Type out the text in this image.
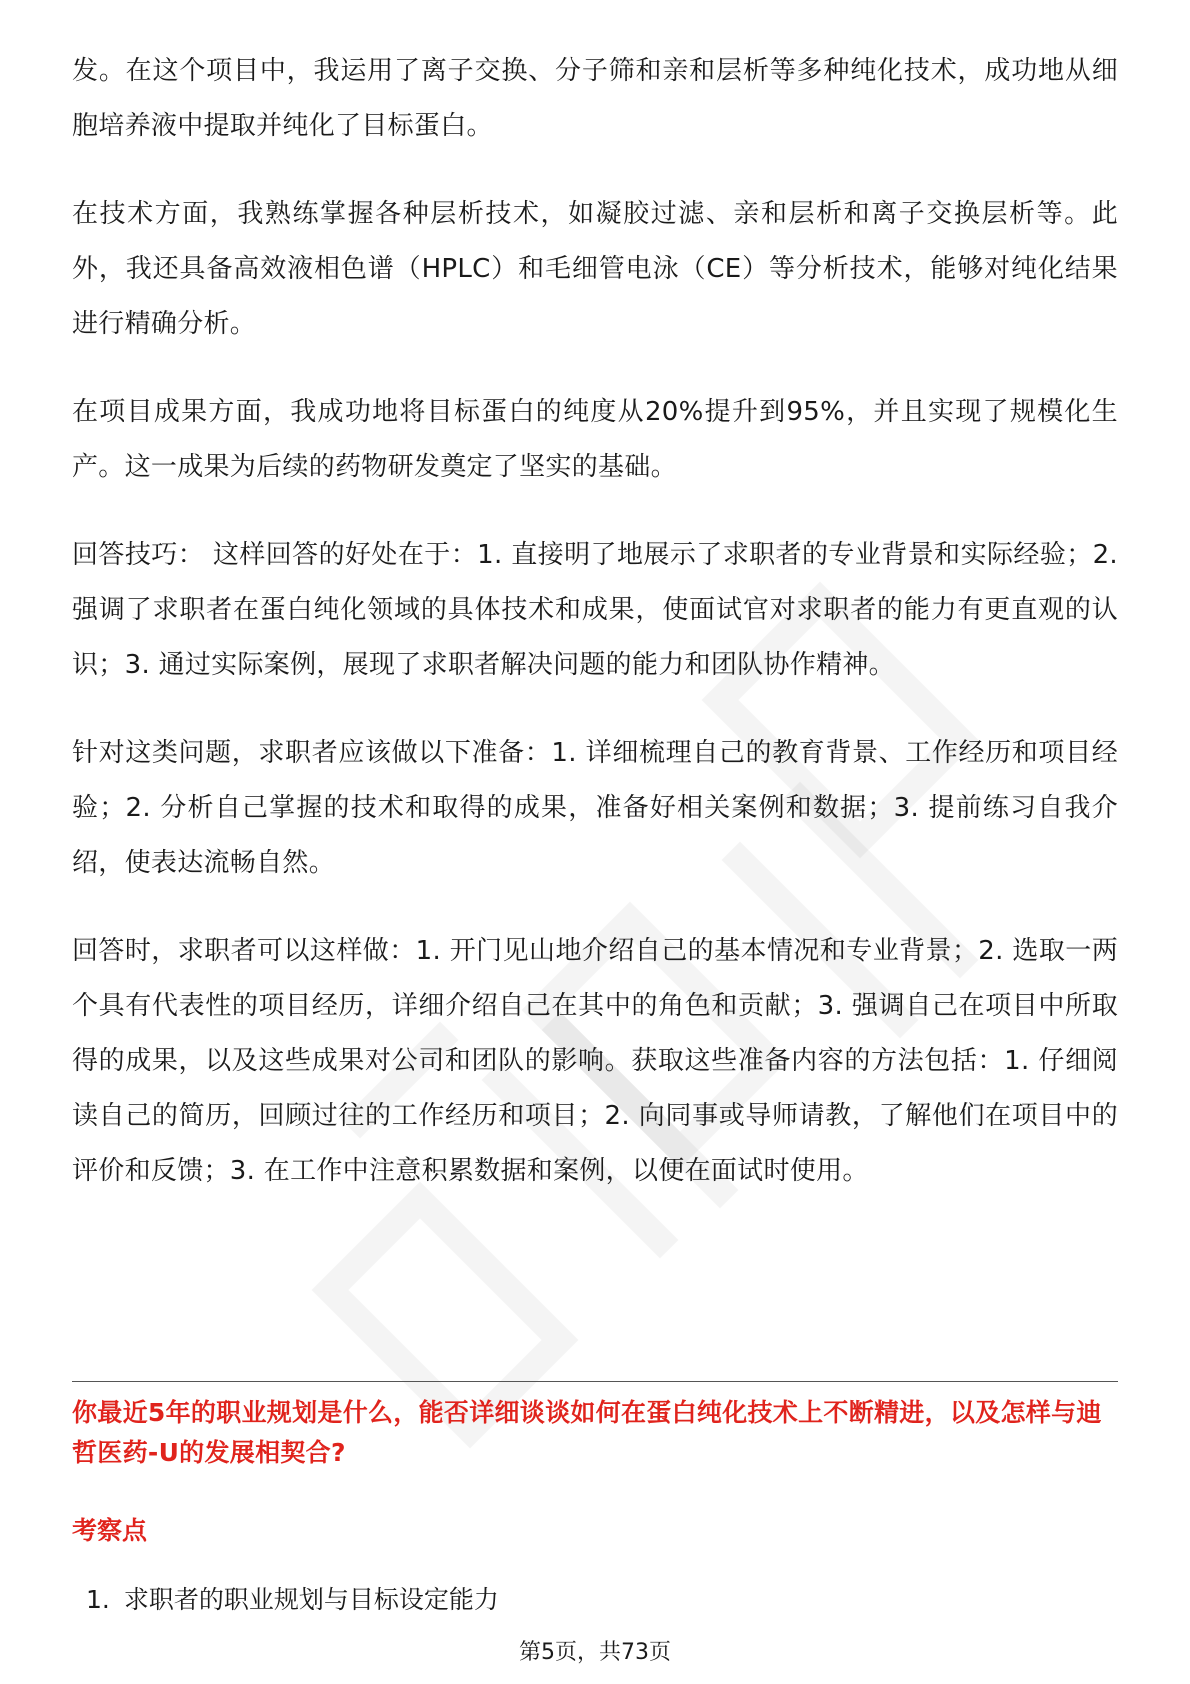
发。在这个项目中，我运用了离子交换、分子筛和亲和层析等多种纯化技术，成功地从细胞培养液中提取并纯化了目标蛋白。

在技术方面，我熟练掌握各种层析技术，如凝胶过滤、亲和层析和离子交换层析等。此外，我还具备高效液相色谱（HPLC）和毛细管电泳（CE）等分析技术，能够对纯化结果进行精确分析。

在项目成果方面，我成功地将目标蛋白的纯度从20%提升到95%，并且实现了规模化生产。这一成果为后续的药物研发奠定了坚实的基础。

回答技巧： 这样回答的好处在于：1. 直接明了地展示了求职者的专业背景和实际经验；2. 强调了求职者在蛋白纯化领域的具体技术和成果，使面试官对求职者的能力有更直观的认识；3. 通过实际案例，展现了求职者解决问题的能力和团队协作精神。

针对这类问题，求职者应该做以下准备：1. 详细梳理自己的教育背景、工作经历和项目经验；2. 分析自己掌握的技术和取得的成果，准备好相关案例和数据；3. 提前练习自我介绍，使表达流畅自然。

回答时，求职者可以这样做：1. 开门见山地介绍自己的基本情况和专业背景；2. 选取一两个具有代表性的项目经历，详细介绍自己在其中的角色和贡献；3. 强调自己在项目中所取得的成果，以及这些成果对公司和团队的影响。获取这些准备内容的方法包括：1. 仔细阅读自己的简历，回顾过往的工作经历和项目；2. 向同事或导师请教，了解他们在项目中的评价和反馈；3. 在工作中注意积累数据和案例，以便在面试时使用。

你最近5年的职业规划是什么，能否详细谈谈如何在蛋白纯化技术上不断精进，以及怎样与迪哲医药-U的发展相契合?
考察点
1. 求职者的职业规划与目标设定能力
第5页，共73页
